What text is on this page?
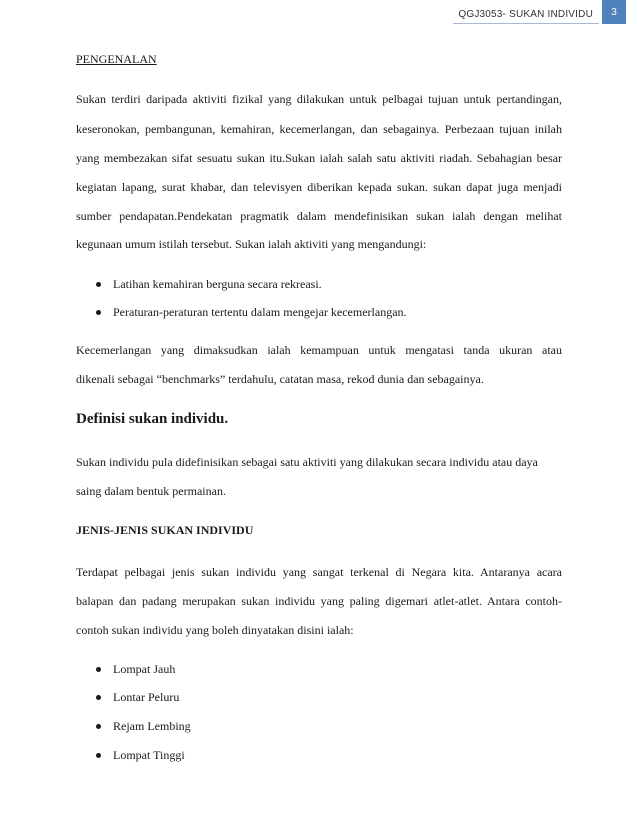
QGJ3053- SUKAN INDIVIDU	3

PENGENALAN

Sukan terdiri daripada aktiviti fizikal yang dilakukan untuk pelbagai tujuan untuk pertandingan,

keseronokan, pembangunan, kemahiran, kecemerlangan, dan sebagainya. Perbezaan tujuan inilah

yang membezakan sifat sesuatu sukan itu.Sukan ialah salah satu aktiviti riadah. Sebahagian besar

kegiatan lapang, surat khabar, dan televisyen diberikan kepada sukan. sukan dapat juga menjadi

sumber pendapatan.Pendekatan pragmatik dalam mendefinisikan sukan ialah dengan melihat

kegunaan umum istilah tersebut. Sukan ialah aktiviti yang mengandungi:

Latihan kemahiran berguna secara rekreasi.
Peraturan-peraturan tertentu dalam mengejar kecemerlangan.

Kecemerlangan yang dimaksudkan ialah kemampuan untuk mengatasi tanda ukuran atau

dikenali sebagai “benchmarks” terdahulu, catatan masa, rekod dunia dan sebagainya.

Definisi sukan individu.

Sukan individu pula didefinisikan sebagai satu aktiviti yang dilakukan secara individu atau daya

saing dalam bentuk permainan.

JENIS-JENIS SUKAN INDIVIDU

Terdapat pelbagai jenis sukan individu yang sangat terkenal di Negara kita. Antaranya acara

balapan dan padang merupakan sukan individu yang paling digemari atlet-atlet. Antara contoh-

contoh sukan individu yang boleh dinyatakan disini ialah:

Lompat Jauh
Lontar Peluru
Rejam Lembing
Lompat Tinggi
